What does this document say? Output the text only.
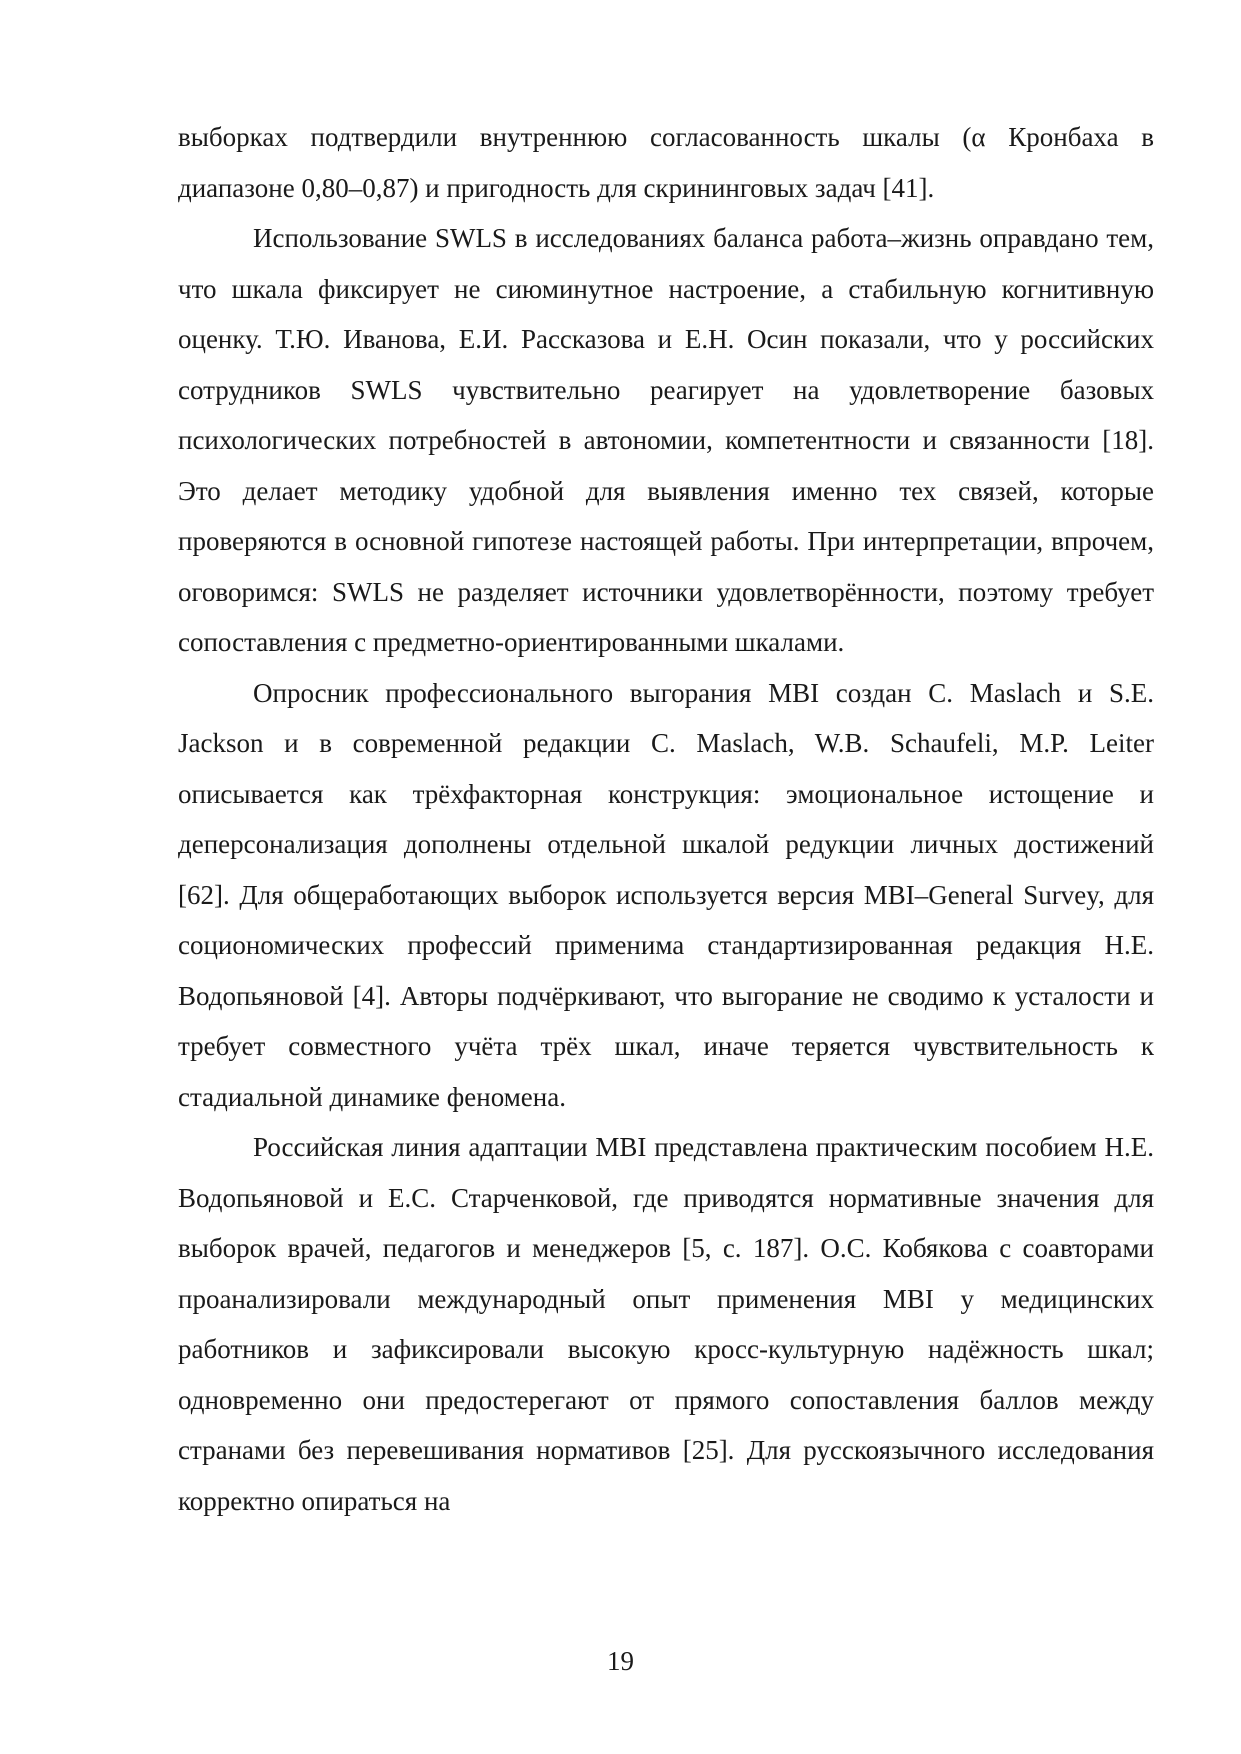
выборках подтвердили внутреннюю согласованность шкалы (α Кронбаха в диапазоне 0,80–0,87) и пригодность для скрининговых задач [41].

Использование SWLS в исследованиях баланса работа–жизнь оправдано тем, что шкала фиксирует не сиюминутное настроение, а стабильную когнитивную оценку. Т.Ю. Иванова, Е.И. Рассказова и Е.Н. Осин показали, что у российских сотрудников SWLS чувствительно реагирует на удовлетворение базовых психологических потребностей в автономии, компетентности и связанности [18]. Это делает методику удобной для выявления именно тех связей, которые проверяются в основной гипотезе настоящей работы. При интерпретации, впрочем, оговоримся: SWLS не разделяет источники удовлетворённости, поэтому требует сопоставления с предметно-ориентированными шкалами.

Опросник профессионального выгорания MBI создан C. Maslach и S.E. Jackson и в современной редакции C. Maslach, W.B. Schaufeli, M.P. Leiter описывается как трёхфакторная конструкция: эмоциональное истощение и деперсонализация дополнены отдельной шкалой редукции личных достижений [62]. Для общеработающих выборок используется версия MBI–General Survey, для социономических профессий применима стандартизированная редакция Н.Е. Водопьяновой [4]. Авторы подчёркивают, что выгорание не сводимо к усталости и требует совместного учёта трёх шкал, иначе теряется чувствительность к стадиальной динамике феномена.

Российская линия адаптации MBI представлена практическим пособием Н.Е. Водопьяновой и Е.С. Старченковой, где приводятся нормативные значения для выборок врачей, педагогов и менеджеров [5, с. 187]. О.С. Кобякова с соавторами проанализировали международный опыт применения MBI у медицинских работников и зафиксировали высокую кросс-культурную надёжность шкал; одновременно они предостерегают от прямого сопоставления баллов между странами без перевешивания нормативов [25]. Для русскоязычного исследования корректно опираться на

19
